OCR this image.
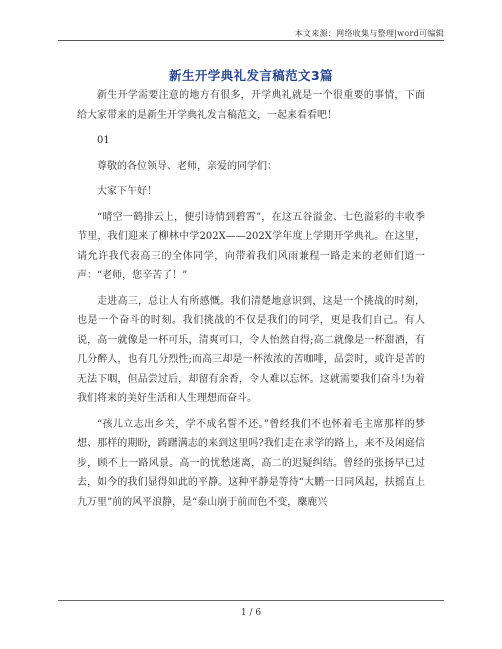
本文来源：网络收集与整理|word可编辑
新生开学典礼发言稿范文3篇

新生开学需要注意的地方有很多，开学典礼就是一个很重要的事情，下面给大家带来的是新生开学典礼发言稿范文，一起来看看吧！

01

尊敬的各位领导、老师，亲爱的同学们：

大家下午好！

“晴空一鹤排云上，便引诗情到碧霄”，在这五谷溢金、七色溢彩的丰收季节里，我们迎来了柳林中学202X——202X学年度上学期开学典礼。在这里，请允许我代表高三的全体同学，向带着我们风雨兼程一路走来的老师们道一声：“老师，您辛苦了！”

走进高三，总让人有所感慨。我们清楚地意识到，这是一个挑战的时刻，也是一个奋斗的时刻。我们挑战的不仅是我们的同学，更是我们自己。有人说，高一就像是一杯可乐，清爽可口，令人怡然自得;高二就像是一杯甜酒，有几分醉人，也有几分烈性;而高三却是一杯浓浓的苦咖啡，品尝时，或许是苦的无法下咽，但品尝过后，却留有余香，令人难以忘怀。这就需要我们奋斗!为着我们将来的美好生活和人生理想而奋斗。

“孩儿立志出乡关，学不成名誓不还。”曾经我们不也怀着毛主席那样的梦想、那样的期盼，踌躇满志的来到这里吗?我们走在求学的路上，来不及闲庭信步，顾不上一路风景。高一的忧愁迷离，高二的迟疑纠结。曾经的张扬早已过去，如今的我们显得如此的平静。这种平静是等待“大鹏一日同风起，扶摇直上九万里”前的风平浪静，是“泰山崩于前而色不变，麋鹿兴

1 / 6
